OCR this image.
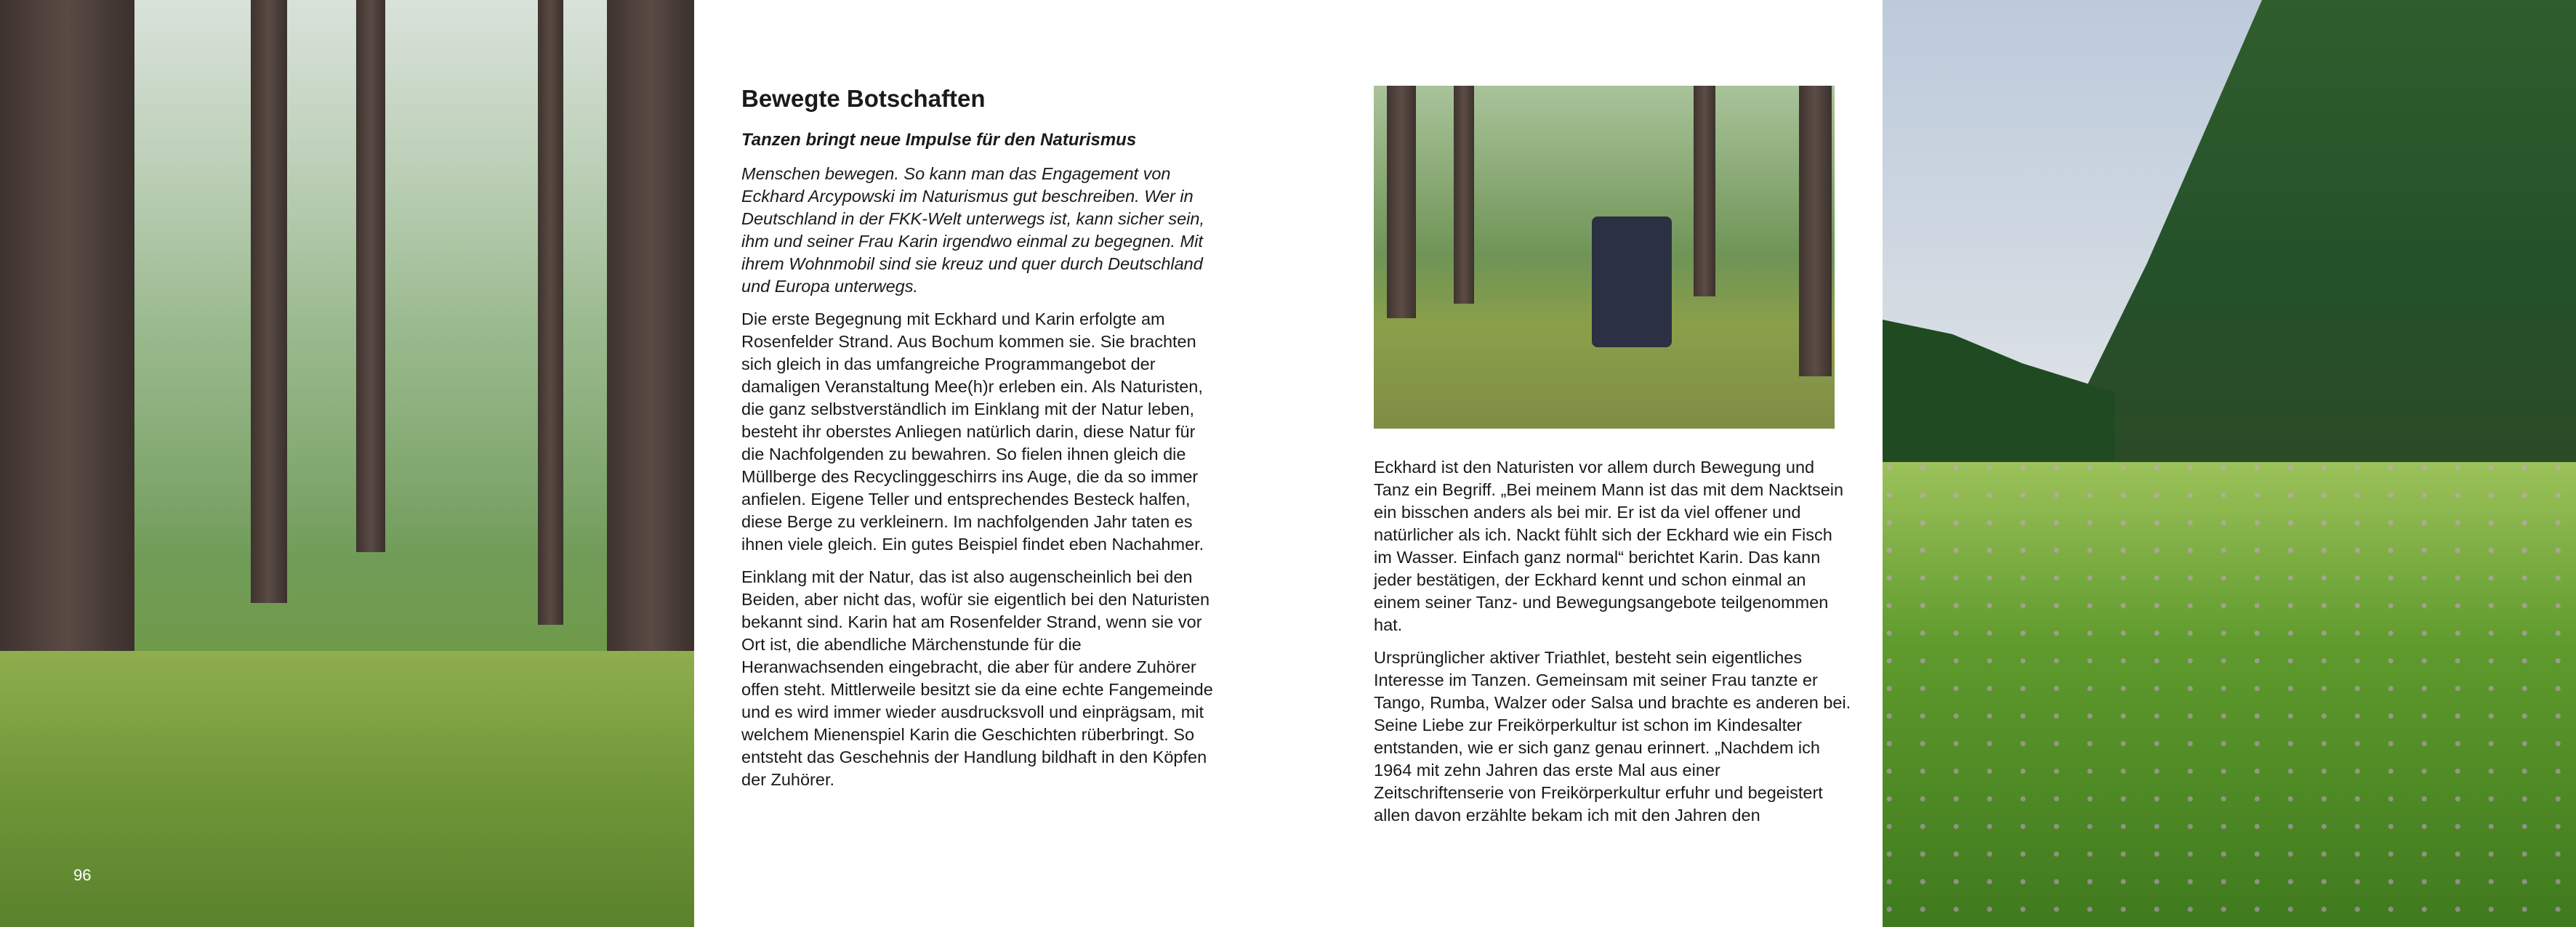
96
Bewegte Botschaften
Tanzen bringt neue Impulse für den Naturismus

Menschen bewegen. So kann man das Engagement von Eckhard Arcypowski im Naturismus gut beschreiben. Wer in Deutschland in der FKK-Welt unterwegs ist, kann sicher sein, ihm und seiner Frau Karin irgendwo einmal zu begegnen. Mit ihrem Wohnmobil sind sie kreuz und quer durch Deutschland und Europa unterwegs.

Die erste Begegnung mit Eckhard und Karin erfolgte am Rosenfelder Strand. Aus Bochum kommen sie. Sie brachten sich gleich in das umfangreiche Programmangebot der damaligen Veranstaltung Mee(h)r erleben ein. Als Naturisten, die ganz selbstverständlich im Einklang mit der Natur leben, besteht ihr oberstes Anliegen natürlich darin, diese Natur für die Nachfolgenden zu bewahren. So fielen ihnen gleich die Müllberge des Recyclinggeschirrs ins Auge, die da so immer anfielen. Eigene Teller und entsprechendes Besteck halfen, diese Berge zu verkleinern. Im nachfolgenden Jahr taten es ihnen viele gleich. Ein gutes Beispiel findet eben Nachahmer.

Einklang mit der Natur, das ist also augenscheinlich bei den Beiden, aber nicht das, wofür sie eigentlich bei den Naturisten bekannt sind. Karin hat am Rosenfelder Strand, wenn sie vor Ort ist, die abendliche Märchenstunde für die Heranwachsenden eingebracht, die aber für andere Zuhörer offen steht. Mittlerweile besitzt sie da eine echte Fangemeinde und es wird immer wieder ausdrucksvoll und einprägsam, mit welchem Mienenspiel Karin die Geschichten rüberbringt. So entsteht das Geschehnis der Handlung bildhaft in den Köpfen der Zuhörer.

Eckhard ist den Naturisten vor allem durch Bewegung und Tanz ein Begriff. „Bei meinem Mann ist das mit dem Nacktsein ein bisschen anders als bei mir. Er ist da viel offener und natürlicher als ich. Nackt fühlt sich der Eckhard wie ein Fisch im Wasser. Einfach ganz normal“ berichtet Karin. Das kann jeder bestätigen, der Eckhard kennt und schon einmal an einem seiner Tanz- und Bewegungsangebote teilgenommen hat.

Ursprünglicher aktiver Triathlet, besteht sein eigentliches Interesse im Tanzen. Gemeinsam mit seiner Frau tanzte er Tango, Rumba, Walzer oder Salsa und brachte es anderen bei. Seine Liebe zur Freikörperkultur ist schon im Kindesalter entstanden, wie er sich ganz genau erinnert. „Nachdem ich 1964 mit zehn Jahren das erste Mal aus einer Zeitschriftenserie von Freikörperkultur erfuhr und begeistert allen davon erzählte bekam ich mit den Jahren den
